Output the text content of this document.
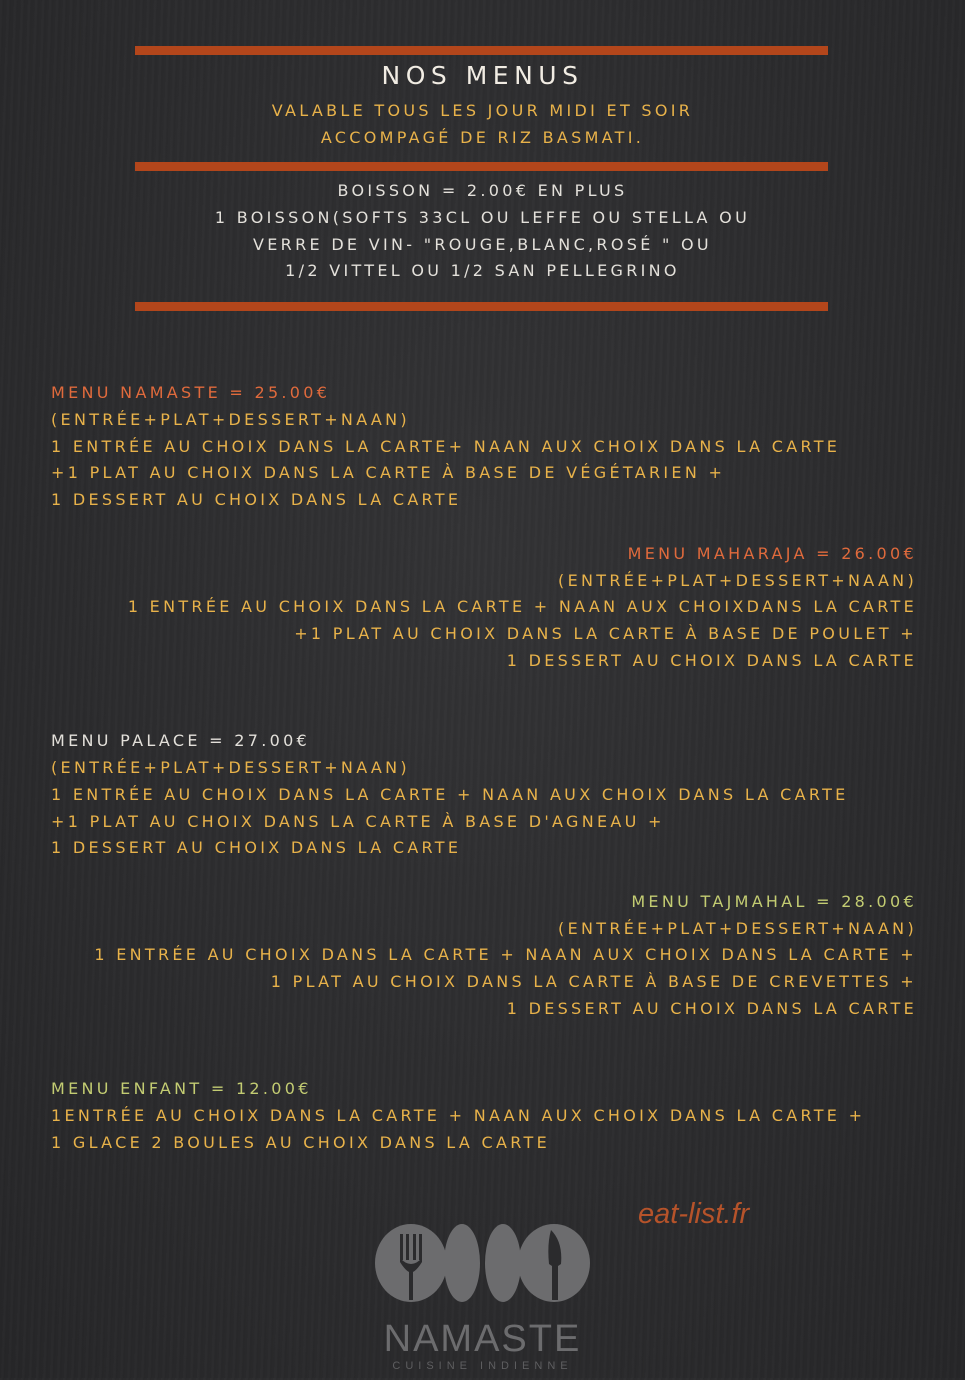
NOS MENUS
VALABLE TOUS LES JOUR MIDI ET SOIR
ACCOMPAGÉ DE RIZ BASMATI.
BOISSON = 2.00€ EN PLUS
1 BOISSON(SOFTS 33CL OU LEFFE OU STELLA OU
VERRE DE VIN- "ROUGE,BLANC,ROSÉ " OU
1/2 VITTEL OU 1/2 SAN PELLEGRINO
MENU NAMASTE = 25.00€
(ENTRÉE+PLAT+DESSERT+NAAN)
1 ENTRÉE AU CHOIX DANS LA CARTE+ NAAN AUX CHOIX DANS LA CARTE
+1 PLAT AU CHOIX DANS LA CARTE À BASE DE VÉGÉTARIEN +
1 DESSERT AU CHOIX DANS LA CARTE
MENU MAHARAJA = 26.00€
(ENTRÉE+PLAT+DESSERT+NAAN)
1 ENTRÉE AU CHOIX DANS LA CARTE + NAAN AUX CHOIXDANS LA CARTE
+1 PLAT AU CHOIX DANS LA CARTE À BASE DE POULET +
1 DESSERT AU CHOIX DANS LA CARTE
MENU PALACE = 27.00€
(ENTRÉE+PLAT+DESSERT+NAAN)
1 ENTRÉE AU CHOIX DANS LA CARTE + NAAN AUX CHOIX DANS LA CARTE
+1 PLAT AU CHOIX DANS LA CARTE À BASE D'AGNEAU +
1 DESSERT AU CHOIX DANS LA CARTE
MENU TAJMAHAL = 28.00€
(ENTRÉE+PLAT+DESSERT+NAAN)
1 ENTRÉE AU CHOIX DANS LA CARTE + NAAN AUX CHOIX DANS LA CARTE +
1 PLAT AU CHOIX DANS LA CARTE À BASE DE CREVETTES +
1 DESSERT AU CHOIX DANS LA CARTE
MENU ENFANT = 12.00€
1ENTRÉE AU CHOIX DANS LA CARTE + NAAN AUX CHOIX DANS LA CARTE +
1 GLACE 2 BOULES AU CHOIX DANS LA CARTE
eat-list.fr
NAMASTE
CUISINE INDIENNE
